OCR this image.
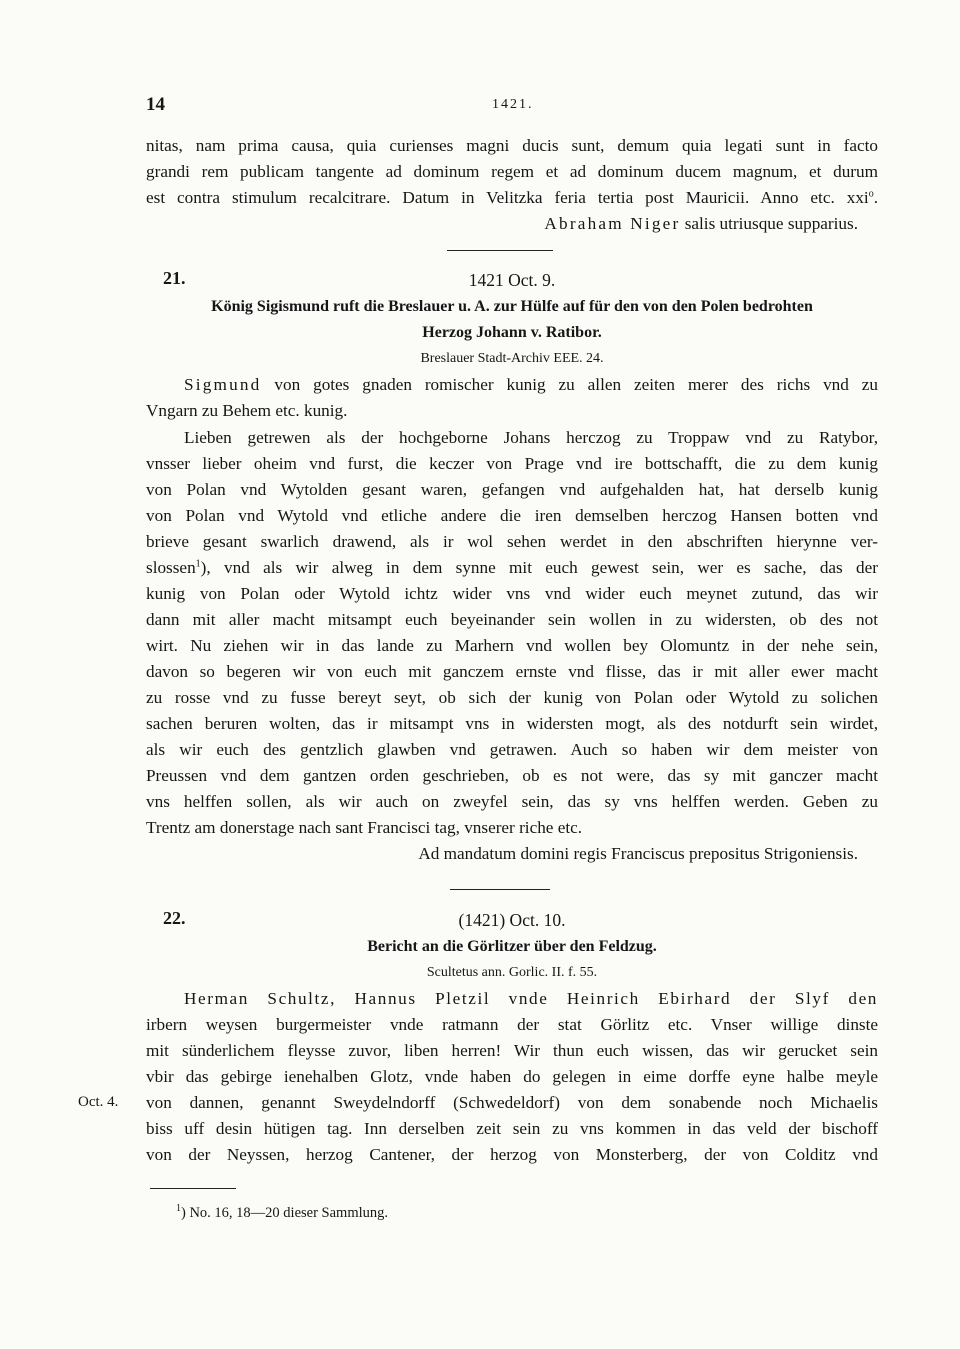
14	1421.
nitas, nam prima causa, quia curienses magni ducis sunt, demum quia legati sunt in facto
grandi rem publicam tangente ad dominum regem et ad dominum ducem magnum, et durum
est contra stimulum recalcitrare. Datum in Velitzka feria tertia post Mauricii. Anno etc. xxi$^o$.
Abraham Niger salis utriusque supparius.
21.	1421 Oct. 9.
König Sigismund ruft die Breslauer u. A. zur Hülfe auf für den von den Polen bedrohten
Herzog Johann v. Ratibor.
Breslauer Stadt-Archiv EEE. 24.
Sigmund von gotes gnaden romischer kunig zu allen zeiten merer des richs vnd zu
Vngarn zu Behem etc. kunig.
Lieben getrewen als der hochgeborne Johans herczog zu Troppaw vnd zu Ratybor,
vnsser lieber oheim vnd furst, die keczer von Prage vnd ire bottschafft, die zu dem kunig
von Polan vnd Wytolden gesant waren, gefangen vnd aufgehalden hat, hat derselb kunig
von Polan vnd Wytold vnd etliche andere die iren demselben herczog Hansen botten vnd
brieve gesant swarlich drawend, als ir wol sehen werdet in den abschriften hierynne ver-
slossen$^1$), vnd als wir alweg in dem synne mit euch gewest sein, wer es sache, das der
kunig von Polan oder Wytold ichtz wider vns vnd wider euch meynet zutund, das wir
dann mit aller macht mitsampt euch beyeinander sein wollen in zu widersten, ob des not
wirt. Nu ziehen wir in das lande zu Marhern vnd wollen bey Olomuntz in der nehe sein,
davon so begeren wir von euch mit ganczem ernste vnd flisse, das ir mit aller ewer macht
zu rosse vnd zu fusse bereyt seyt, ob sich der kunig von Polan oder Wytold zu solichen
sachen beruren wolten, das ir mitsampt vns in widersten mogt, als des notdurft sein wirdet,
als wir euch des gentzlich glawben vnd getrawen. Auch so haben wir dem meister von
Preussen vnd dem gantzen orden geschrieben, ob es not were, das sy mit ganczer macht
vns helffen sollen, als wir auch on zweyfel sein, das sy vns helffen werden. Geben zu
Trentz am donerstage nach sant Francisci tag, vnserer riche etc.
Ad mandatum domini regis Franciscus prepositus Strigoniensis.
22.	(1421) Oct. 10.
Bericht an die Görlitzer über den Feldzug.
Scultetus ann. Gorlic. II. f. 55.
Herman Schultz, Hannus Pletzil vnde Heinrich Ebirhard der Slyf den
irbern weysen burgermeister vnde ratmann der stat Görlitz etc. Vnser willige dinste
mit sünderlichem fleysse zuvor, liben herren! Wir thun euch wissen, das wir gerucket sein
vbir das gebirge ienehalben Glotz, vnde haben do gelegen in eime dorffe eyne halbe meyle
Oct. 4. von dannen, genannt Sweydelndorff (Schwedeldorf) von dem sonabende noch Michaelis
biss uff desin hütigen tag. Inn derselben zeit sein zu vns kommen in das veld der bischoff
von der Neyssen, herzog Cantener, der herzog von Monsterberg, der von Colditz vnd
$^1$) No. 16, 18—20 dieser Sammlung.
